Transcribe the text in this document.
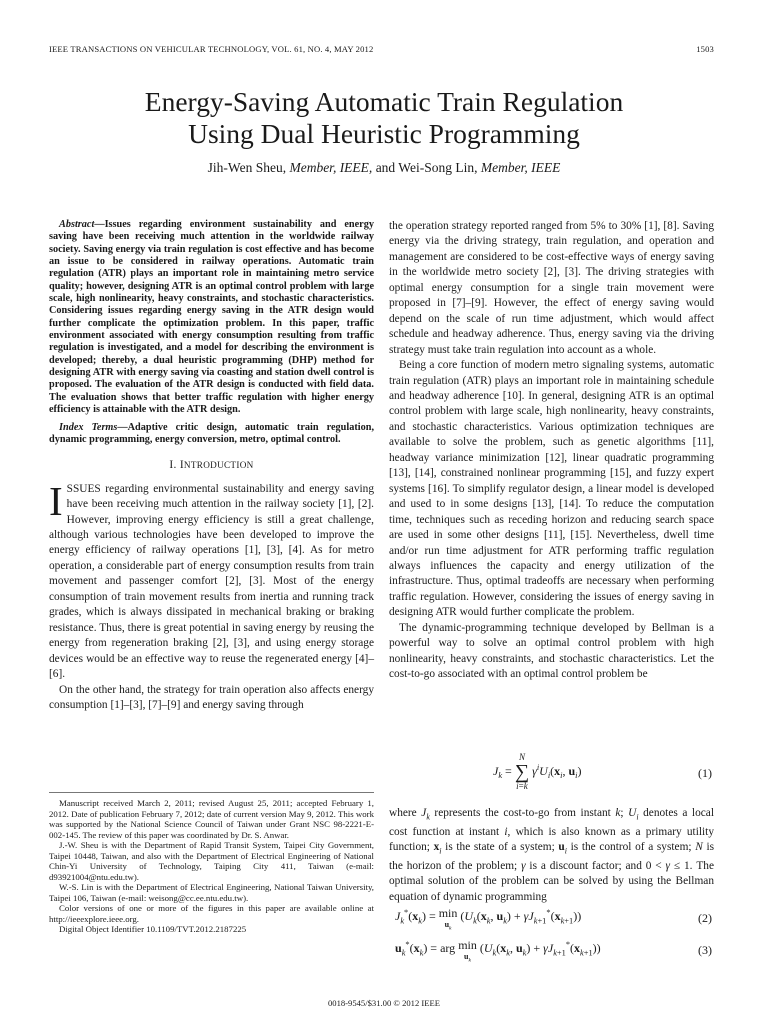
IEEE TRANSACTIONS ON VEHICULAR TECHNOLOGY, VOL. 61, NO. 4, MAY 2012	1503
Energy-Saving Automatic Train Regulation
Using Dual Heuristic Programming
Jih-Wen Sheu, Member, IEEE, and Wei-Song Lin, Member, IEEE
Abstract—Issues regarding environment sustainability and energy saving have been receiving much attention in the worldwide railway society. Saving energy via train regulation is cost effective and has become an issue to be considered in railway operations. Automatic train regulation (ATR) plays an important role in maintaining metro service quality; however, designing ATR is an optimal control problem with large scale, high nonlinearity, heavy constraints, and stochastic characteristics. Considering issues regarding energy saving in the ATR design would further complicate the optimization problem. In this paper, traffic environment associated with energy consumption resulting from traffic regulation is investigated, and a model for describing the environment is developed; thereby, a dual heuristic programming (DHP) method for designing ATR with energy saving via coasting and station dwell control is proposed. The evaluation of the ATR design is conducted with field data. The evaluation shows that better traffic regulation with higher energy efficiency is attainable with the ATR design.
Index Terms—Adaptive critic design, automatic train regulation, dynamic programming, energy conversion, metro, optimal control.
I. INTRODUCTION

ISSUES regarding environmental sustainability and energy saving have been receiving much attention in the railway society [1], [2]. However, improving energy efficiency is still a great challenge, although various technologies have been developed to improve the energy efficiency of railway operations [1], [3], [4]. As for metro operation, a considerable part of energy consumption results from train movement and passenger comfort [2], [3]. Most of the energy consumption of train movement results from inertia and running track grades, which is always dissipated in mechanical braking or braking resistance. Thus, there is great potential in saving energy by reusing the energy from regeneration braking [2], [3], and using energy storage devices would be an effective way to reuse the regenerated energy [4]–[6].

On the other hand, the strategy for train operation also affects energy consumption [1]–[3], [7]–[9] and energy saving through

Manuscript received March 2, 2011; revised August 25, 2011; accepted February 1, 2012. Date of publication February 7, 2012; date of current version May 9, 2012. This work was supported by the National Science Council of Taiwan under Grant NSC 98-2221-E-002-145. The review of this paper was coordinated by Dr. S. Anwar.

J.-W. Sheu is with the Department of Rapid Transit System, Taipei City Government, Taipei 10448, Taiwan, and also with the Department of Electrical Engineering of National Chin-Yi University of Technology, Taiping City 411, Taiwan (e-mail: d93921004@ntu.edu.tw).

W.-S. Lin is with the Department of Electrical Engineering, National Taiwan University, Taipei 106, Taiwan (e-mail: weisong@cc.ee.ntu.edu.tw).

Color versions of one or more of the figures in this paper are available online at http://ieeexplore.ieee.org.

Digital Object Identifier 10.1109/TVT.2012.2187225

the operation strategy reported ranged from 5% to 30% [1], [8]. Saving energy via the driving strategy, train regulation, and operation and management are considered to be cost-effective ways of energy saving in the worldwide metro society [2], [3]. The driving strategies with optimal energy consumption for a single train movement were proposed in [7]–[9]. However, the effect of energy saving would depend on the scale of run time adjustment, which would affect schedule and headway adherence. Thus, energy saving via the driving strategy must take train regulation into account as a whole.

Being a core function of modern metro signaling systems, automatic train regulation (ATR) plays an important role in maintaining schedule and headway adherence [10]. In general, designing ATR is an optimal control problem with large scale, high nonlinearity, heavy constraints, and stochastic characteristics. Various optimization techniques are available to solve the problem, such as genetic algorithms [11], headway variance minimization [12], linear quadratic programming [13], [14], constrained nonlinear programming [15], and fuzzy expert systems [16]. To simplify regulator design, a linear model is developed and used to in some designs [13], [14]. To reduce the computation time, techniques such as receding horizon and reducing search space are used in some other designs [11], [15]. Nevertheless, dwell time and/or run time adjustment for ATR performing traffic regulation always influences the capacity and energy utilization of the infrastructure. Thus, optimal tradeoffs are necessary when performing traffic regulation. However, considering the issues of energy saving in designing ATR would further complicate the problem.

The dynamic-programming technique developed by Bellman is a powerful way to solve an optimal control problem with high nonlinearity, heavy constraints, and stochastic characteristics. Let the cost-to-go associated with an optimal control problem be

$J_k$ =
N
∑
i=k
$\gamma^iU_i(x_i$, $u_i$)	(1)

where $J_k$ represents the cost-to-go from instant k; $U_i$ denotes a local cost function at instant i, which is also known as a primary utility function; $x_i$ is the state of a system; $u_i$ is the control of a system; N is the horizon of the problem; γ is a discount factor; and 0 < γ ≤ 1. The optimal solution of the problem can be solved by using the Bellman equation of dynamic programming

$J_k^*(x_k) = \min$
$u_k$ ($U_k(x_k$, $u_k) + \gamma J_{k+1}^*(x_{k+1})$)	(2)
$u_k^*(x_k)$ = arg min
$u_k$ ($U_k(x_k$, $u_k) + \gamma J_{k+1}^*(x_{k+1})$)	(3)
0018-9545/$31.00 © 2012 IEEE
